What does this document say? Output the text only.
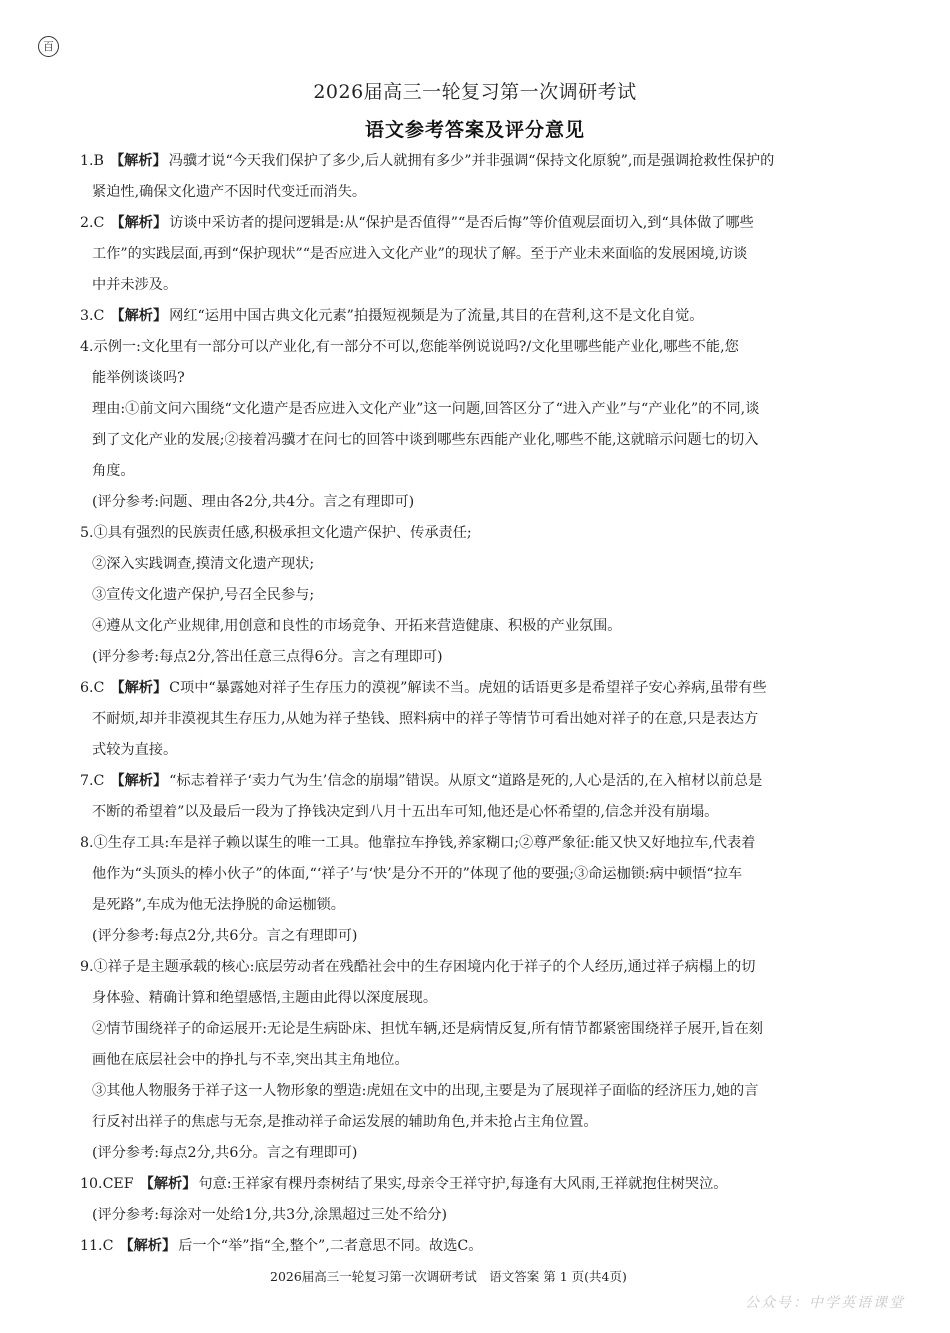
百
2026届高三一轮复习第一次调研考试
语文参考答案及评分意见
1.B 【解析】 冯骥才说“今天我们保护了多少,后人就拥有多少”并非强调“保持文化原貌”,而是强调抢救性保护的
紧迫性,确保文化遗产不因时代变迁而消失。
2.C 【解析】 访谈中采访者的提问逻辑是:从“保护是否值得”“是否后悔”等价值观层面切入,到“具体做了哪些
工作”的实践层面,再到“保护现状”“是否应进入文化产业”的现状了解。至于产业未来面临的发展困境,访谈
中并未涉及。
3.C 【解析】 网红“运用中国古典文化元素”拍摄短视频是为了流量,其目的在营利,这不是文化自觉。
4.示例一:文化里有一部分可以产业化,有一部分不可以,您能举例说说吗?/文化里哪些能产业化,哪些不能,您
能举例谈谈吗?
理由:①前文问六围绕“文化遗产是否应进入文化产业”这一问题,回答区分了“进入产业”与“产业化”的不同,谈
到了文化产业的发展;②接着冯骥才在问七的回答中谈到哪些东西能产业化,哪些不能,这就暗示问题七的切入
角度。
(评分参考:问题、理由各2分,共4分。言之有理即可)
5.①具有强烈的民族责任感,积极承担文化遗产保护、传承责任;
②深入实践调查,摸清文化遗产现状;
③宣传文化遗产保护,号召全民参与;
④遵从文化产业规律,用创意和良性的市场竞争、开拓来营造健康、积极的产业氛围。
(评分参考:每点2分,答出任意三点得6分。言之有理即可)
6.C 【解析】 C项中“暴露她对祥子生存压力的漠视”解读不当。虎妞的话语更多是希望祥子安心养病,虽带有些
不耐烦,却并非漠视其生存压力,从她为祥子垫钱、照料病中的祥子等情节可看出她对祥子的在意,只是表达方
式较为直接。
7.C 【解析】 “标志着祥子‘卖力气为生’信念的崩塌”错误。从原文“道路是死的,人心是活的,在入棺材以前总是
不断的希望着”以及最后一段为了挣钱决定到八月十五出车可知,他还是心怀希望的,信念并没有崩塌。
8.①生存工具:车是祥子赖以谋生的唯一工具。他靠拉车挣钱,养家糊口;②尊严象征:能又快又好地拉车,代表着
他作为“头顶头的棒小伙子”的体面,“‘祥子’与‘快’是分不开的”体现了他的要强;③命运枷锁:病中顿悟“拉车
是死路”,车成为他无法挣脱的命运枷锁。
(评分参考:每点2分,共6分。言之有理即可)
9.①祥子是主题承载的核心:底层劳动者在残酷社会中的生存困境内化于祥子的个人经历,通过祥子病榻上的切
身体验、精确计算和绝望感悟,主题由此得以深度展现。
②情节围绕祥子的命运展开:无论是生病卧床、担忧车辆,还是病情反复,所有情节都紧密围绕祥子展开,旨在刻
画他在底层社会中的挣扎与不幸,突出其主角地位。
③其他人物服务于祥子这一人物形象的塑造:虎妞在文中的出现,主要是为了展现祥子面临的经济压力,她的言
行反衬出祥子的焦虑与无奈,是推动祥子命运发展的辅助角色,并未抢占主角位置。
(评分参考:每点2分,共6分。言之有理即可)
10.CEF 【解析】 句意:王祥家有棵丹柰树结了果实,母亲令王祥守护,每逢有大风雨,王祥就抱住树哭泣。
(评分参考:每涂对一处给1分,共3分,涂黑超过三处不给分)
11.C 【解析】 后一个“举”指“全,整个”,二者意思不同。故选C。
2026届高三一轮复习第一次调研考试　语文答案 第 1 页(共4页)
公众号：中学英语课堂
